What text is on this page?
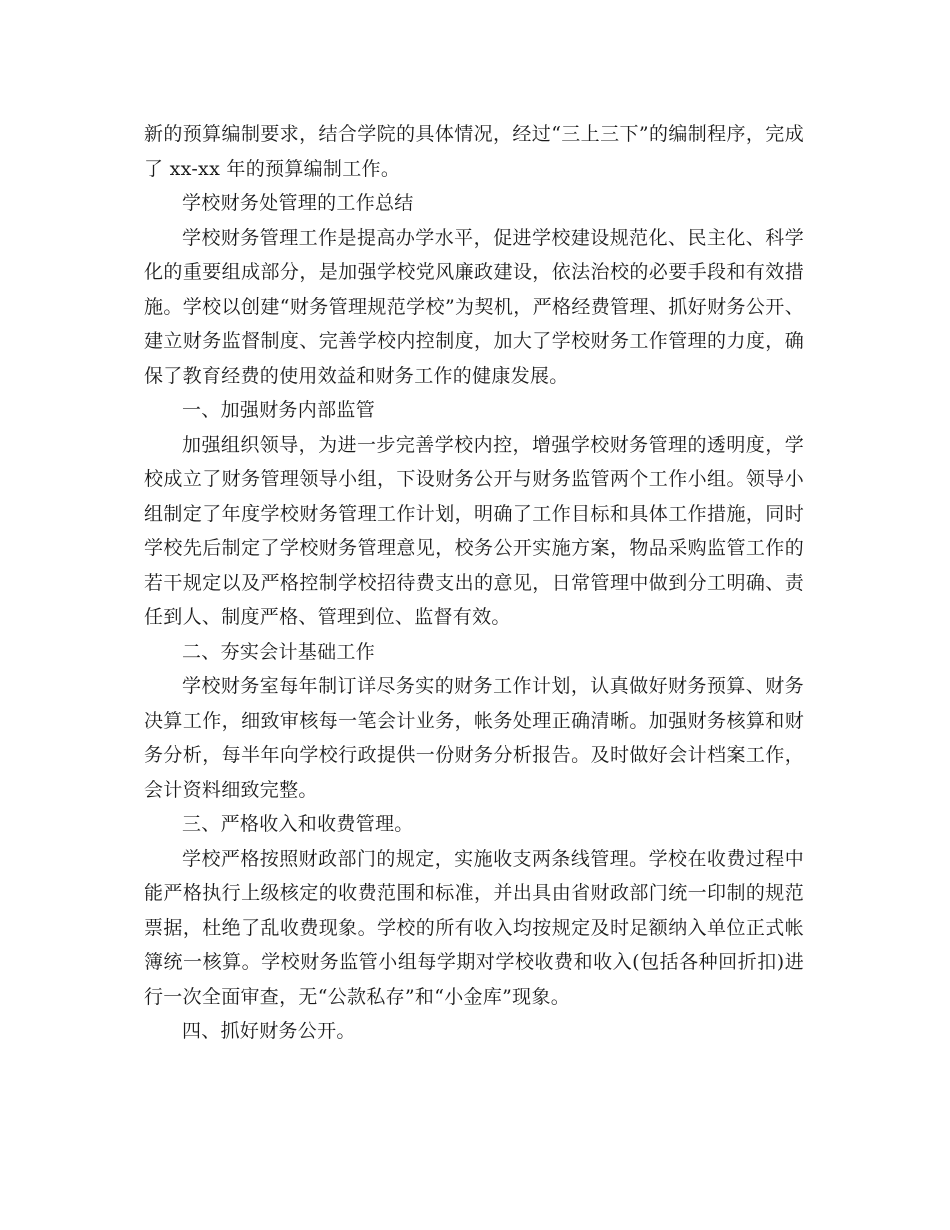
新的预算编制要求，结合学院的具体情况，经过“三上三下”的编制程序，完成了 xx-xx 年的预算编制工作。

学校财务处管理的工作总结

学校财务管理工作是提高办学水平，促进学校建设规范化、民主化、科学化的重要组成部分，是加强学校党风廉政建设，依法治校的必要手段和有效措施。学校以创建“财务管理规范学校”为契机，严格经费管理、抓好财务公开、建立财务监督制度、完善学校内控制度，加大了学校财务工作管理的力度，确保了教育经费的使用效益和财务工作的健康发展。

一、加强财务内部监管

加强组织领导，为进一步完善学校内控，增强学校财务管理的透明度，学校成立了财务管理领导小组，下设财务公开与财务监管两个工作小组。领导小组制定了年度学校财务管理工作计划，明确了工作目标和具体工作措施，同时学校先后制定了学校财务管理意见，校务公开实施方案，物品采购监管工作的若干规定以及严格控制学校招待费支出的意见，日常管理中做到分工明确、责任到人、制度严格、管理到位、监督有效。

二、夯实会计基础工作

学校财务室每年制订详尽务实的财务工作计划，认真做好财务预算、财务决算工作，细致审核每一笔会计业务，帐务处理正确清晰。加强财务核算和财务分析，每半年向学校行政提供一份财务分析报告。及时做好会计档案工作，会计资料细致完整。

三、严格收入和收费管理。

学校严格按照财政部门的规定，实施收支两条线管理。学校在收费过程中能严格执行上级核定的收费范围和标准，并出具由省财政部门统一印制的规范票据，杜绝了乱收费现象。学校的所有收入均按规定及时足额纳入单位正式帐簿统一核算。学校财务监管小组每学期对学校收费和收入(包括各种回折扣)进行一次全面审查，无“公款私存”和“小金库”现象。

四、抓好财务公开。
